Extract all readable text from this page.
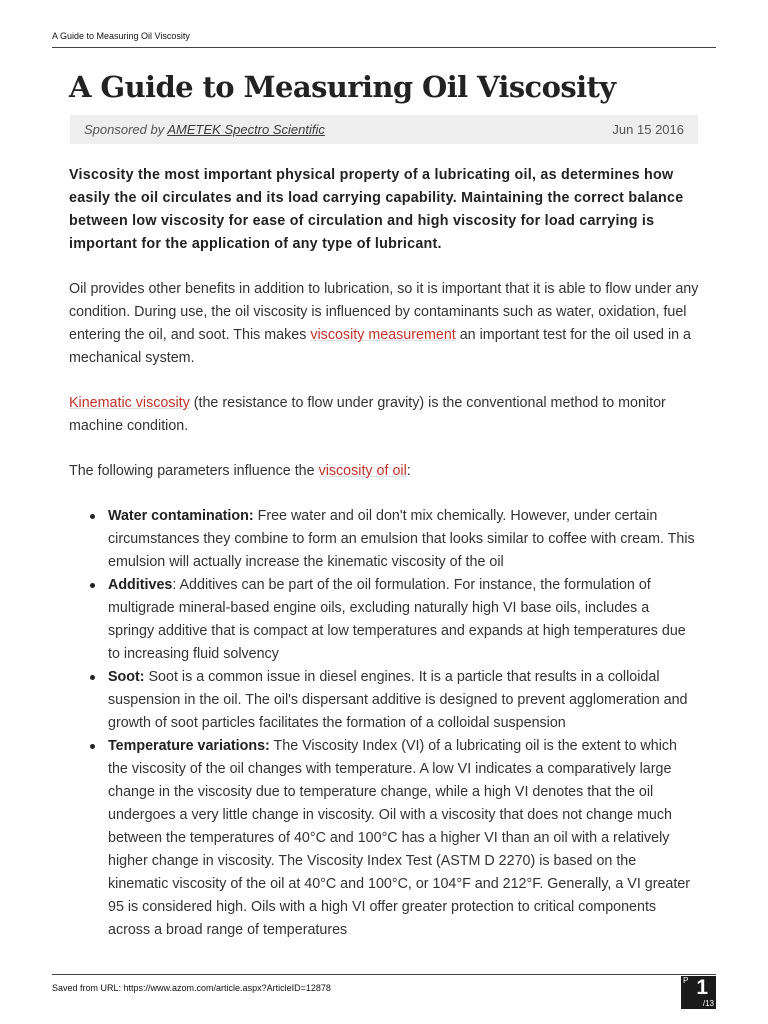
A Guide to Measuring Oil Viscosity
A Guide to Measuring Oil Viscosity
Sponsored by AMETEK Spectro Scientific	Jun 15 2016

Viscosity the most important physical property of a lubricating oil, as determines how easily the oil circulates and its load carrying capability. Maintaining the correct balance between low viscosity for ease of circulation and high viscosity for load carrying is important for the application of any type of lubricant.

Oil provides other benefits in addition to lubrication, so it is important that it is able to flow under any condition. During use, the oil viscosity is influenced by contaminants such as water, oxidation, fuel entering the oil, and soot. This makes viscosity measurement an important test for the oil used in a mechanical system.

Kinematic viscosity (the resistance to flow under gravity) is the conventional method to monitor machine condition.

The following parameters influence the viscosity of oil:

Water contamination: Free water and oil don't mix chemically. However, under certain circumstances they combine to form an emulsion that looks similar to coffee with cream. This emulsion will actually increase the kinematic viscosity of the oil
Additives: Additives can be part of the oil formulation. For instance, the formulation of multigrade mineral-based engine oils, excluding naturally high VI base oils, includes a springy additive that is compact at low temperatures and expands at high temperatures due to increasing fluid solvency
Soot: Soot is a common issue in diesel engines. It is a particle that results in a colloidal suspension in the oil. The oil's dispersant additive is designed to prevent agglomeration and growth of soot particles facilitates the formation of a colloidal suspension
Temperature variations: The Viscosity Index (VI) of a lubricating oil is the extent to which the viscosity of the oil changes with temperature. A low VI indicates a comparatively large change in the viscosity due to temperature change, while a high VI denotes that the oil undergoes a very little change in viscosity. Oil with a viscosity that does not change much between the temperatures of 40°C and 100°C has a higher VI than an oil with a relatively higher change in viscosity. The Viscosity Index Test (ASTM D 2270) is based on the kinematic viscosity of the oil at 40°C and 100°C, or 104°F and 212°F. Generally, a VI greater 95 is considered high. Oils with a high VI offer greater protection to critical components across a broad range of temperatures
Saved from URL: https://www.azom.com/article.aspx?ArticleID=12878
P 1
/13
